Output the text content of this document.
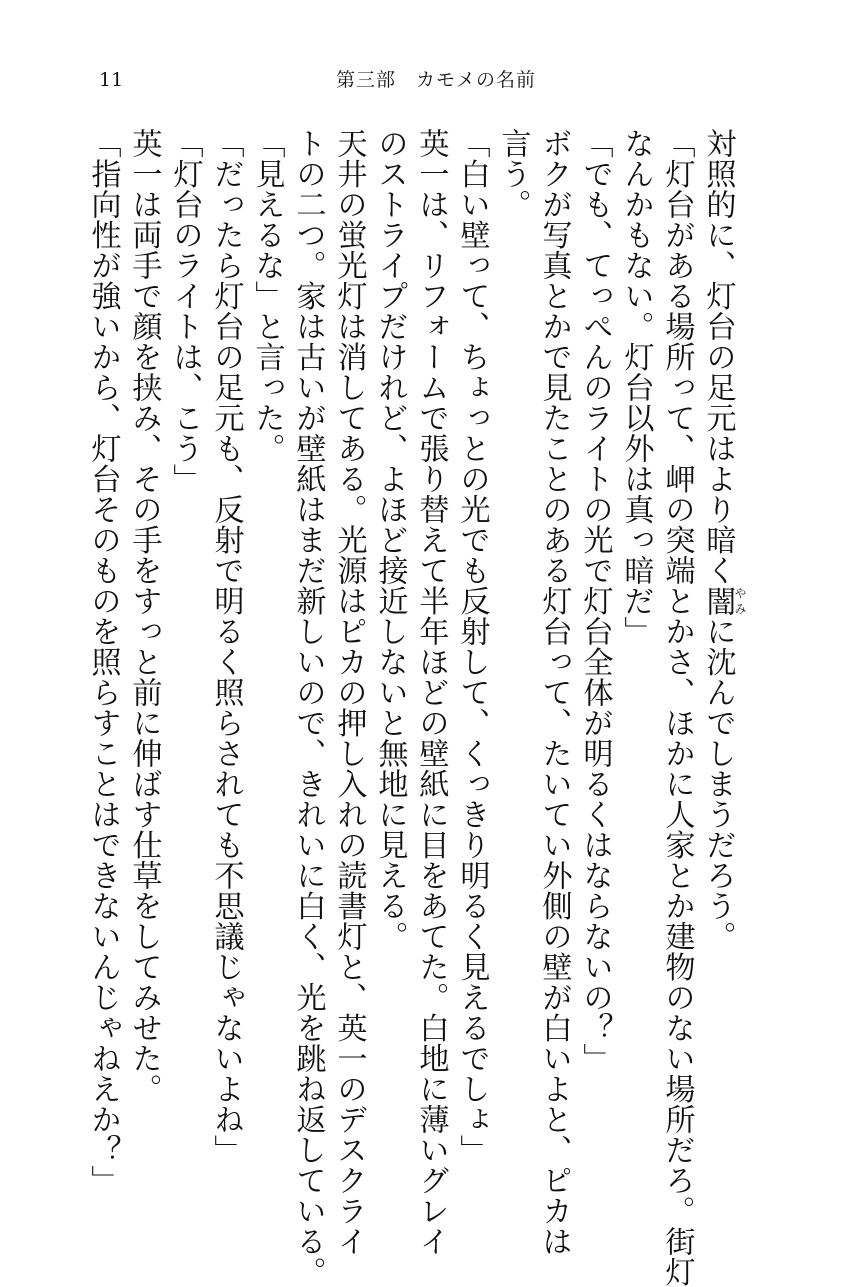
11	第三部　カモメの名前
対照的に、灯台の足元はより暗く闇やみに沈んでしまうだろう。
「灯台がある場所って、岬の突端とかさ、ほかに人家とか建物のない場所だろ。街灯
なんかもない。灯台以外は真っ暗だ」
「でも、てっぺんのライトの光で灯台全体が明るくはならないの？」
ボクが写真とかで見たことのある灯台って、たいてい外側の壁が白いよと、ピカは
言う。
「白い壁って、ちょっとの光でも反射して、くっきり明るく見えるでしょ」
英一は、リフォームで張り替えて半年ほどの壁紙に目をあてた。白地に薄いグレイ
のストライプだけれど、よほど接近しないと無地に見える。
天井の蛍光灯は消してある。光源はピカの押し入れの読書灯と、英一のデスクライ
トの二つ。家は古いが壁紙はまだ新しいので、きれいに白く、光を跳ね返している。
「見えるな」と言った。
「だったら灯台の足元も、反射で明るく照らされても不思議じゃないよね」
「灯台のライトは、こう」
英一は両手で顔を挟み、その手をすっと前に伸ばす仕草をしてみせた。
「指向性が強いから、灯台そのものを照らすことはできないんじゃねえか？」
